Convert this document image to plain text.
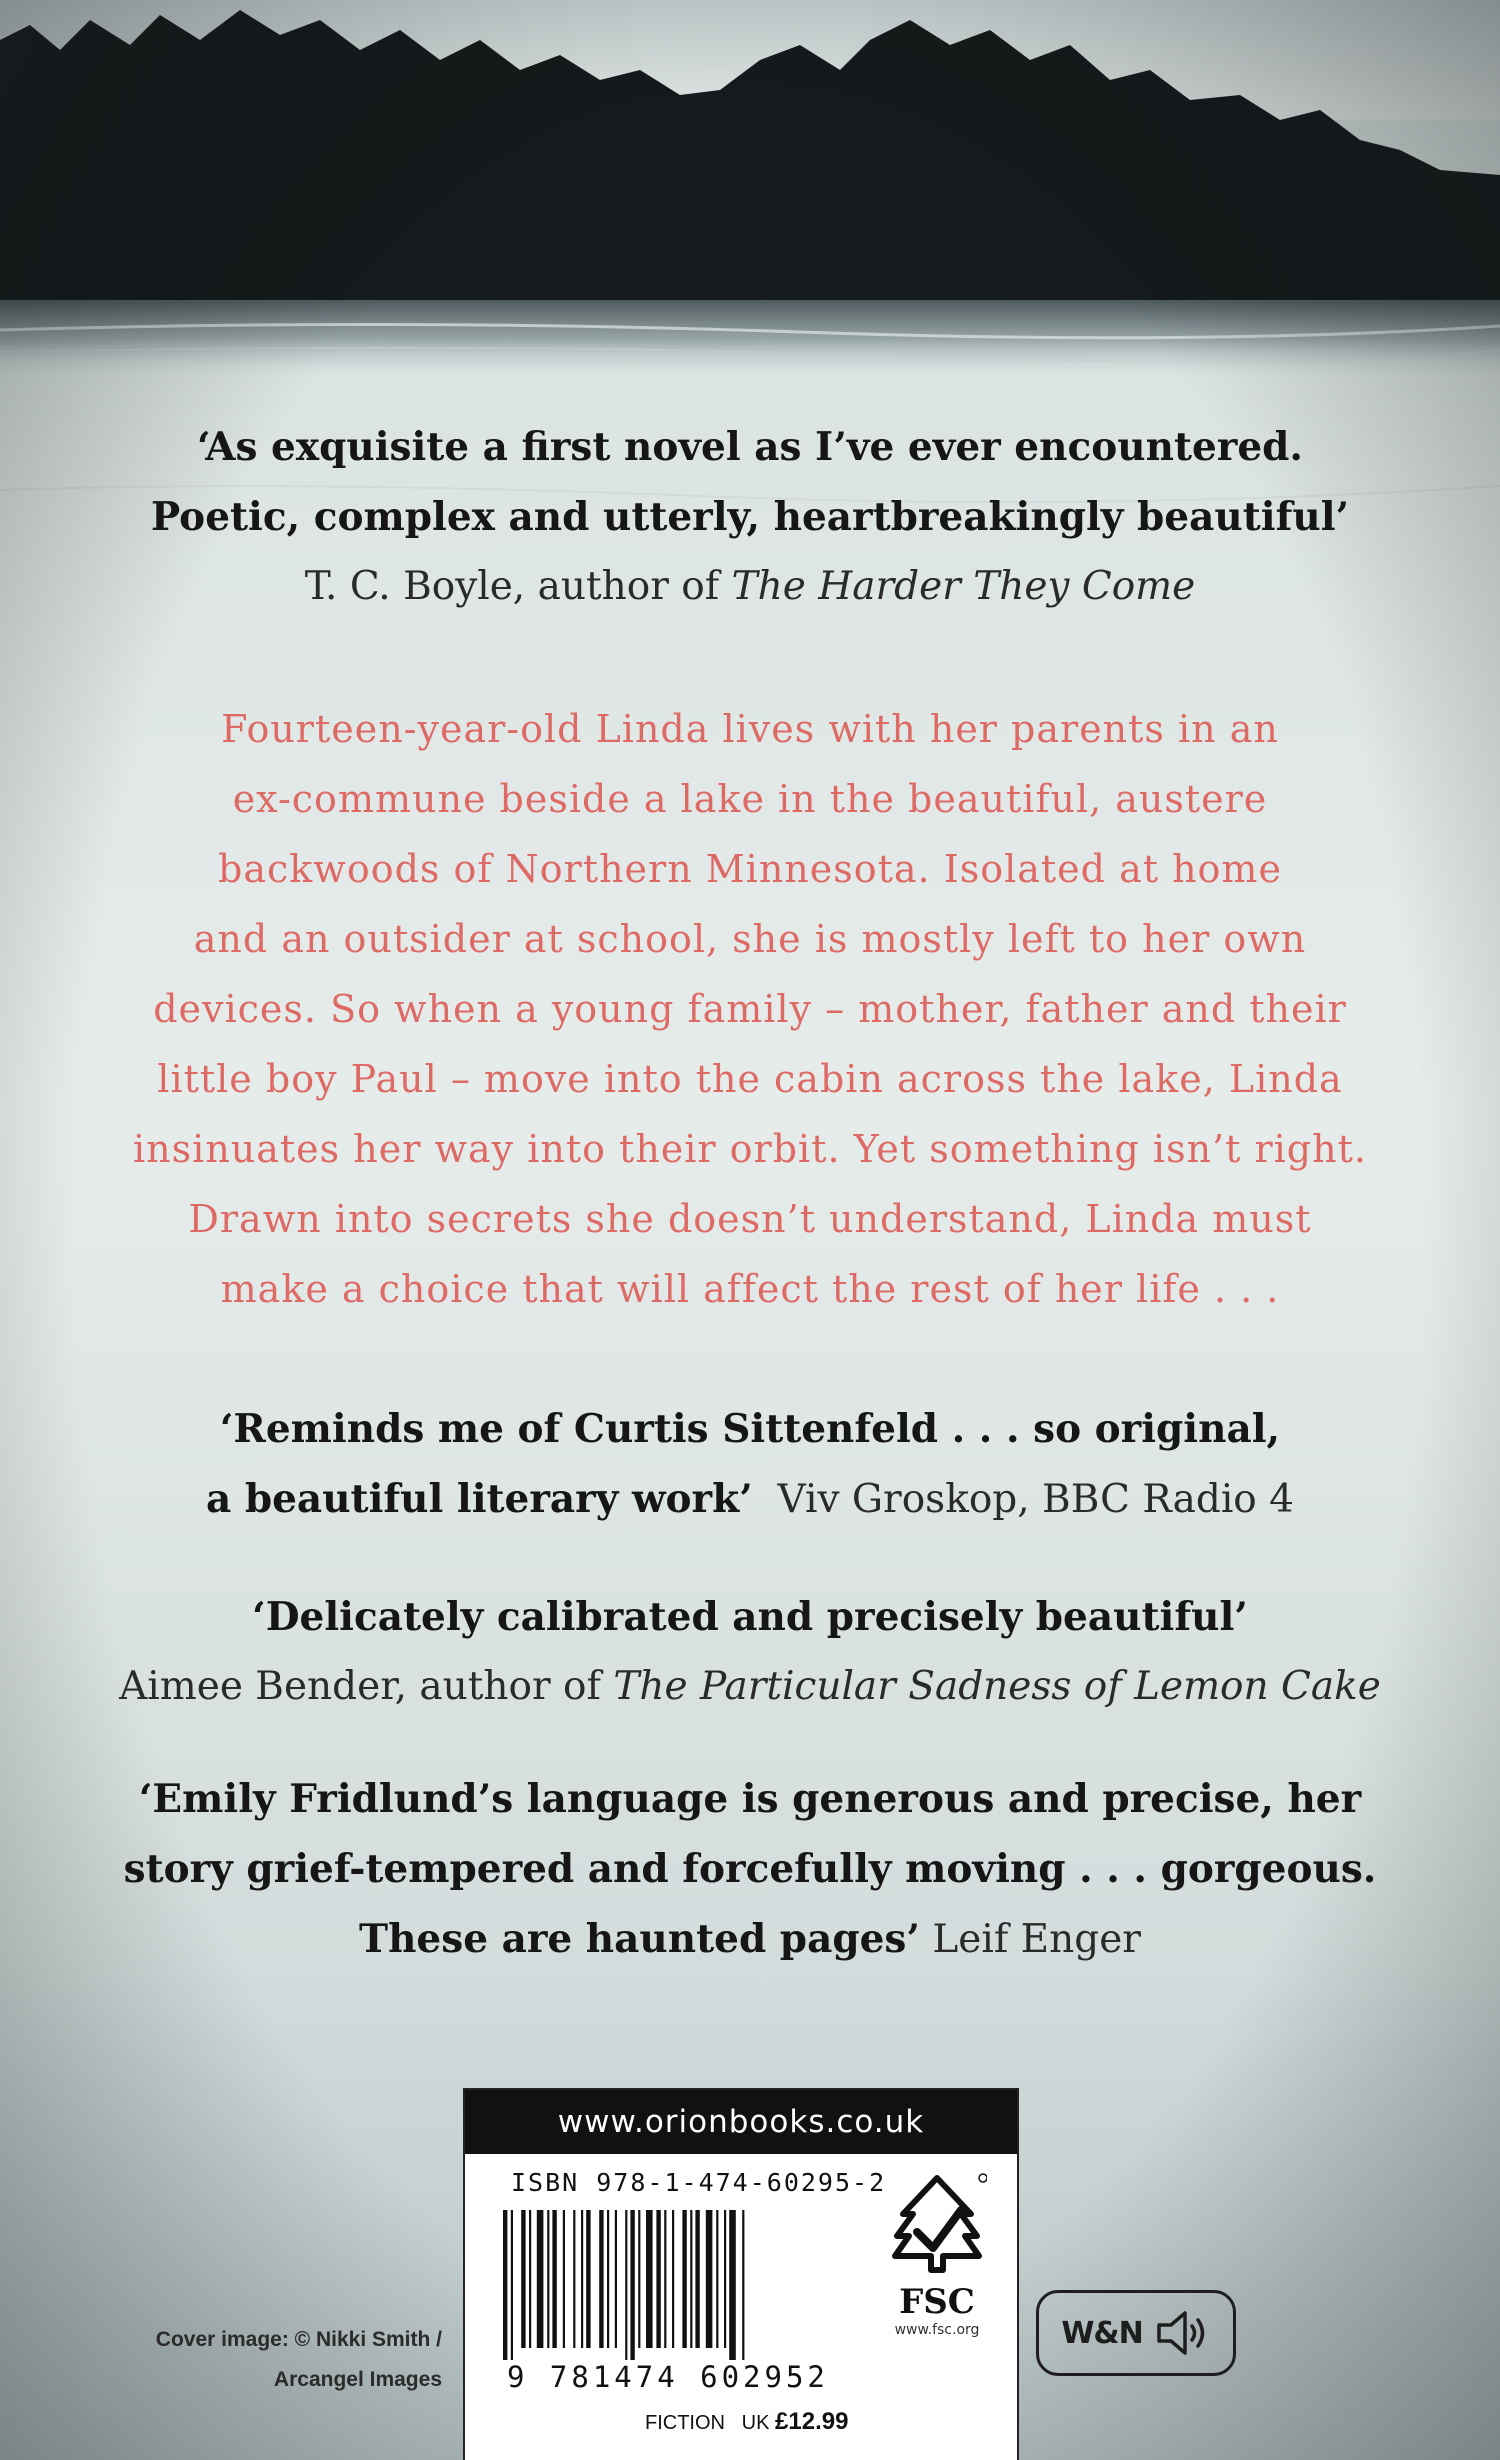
‘As exquisite a first novel as I’ve ever encountered.
Poetic, complex and utterly, heartbreakingly beautiful’
T. C. Boyle, author of The Harder They Come
Fourteen-year-old Linda lives with her parents in an
ex-commune beside a lake in the beautiful, austere
backwoods of Northern Minnesota. Isolated at home
and an outsider at school, she is mostly left to her own
devices. So when a young family – mother, father and their
little boy Paul – move into the cabin across the lake, Linda
insinuates her way into their orbit. Yet something isn’t right.
Drawn into secrets she doesn’t understand, Linda must
make a choice that will affect the rest of her life . . .
‘Reminds me of Curtis Sittenfeld . . . so original,
a beautiful literary work’ Viv Groskop, BBC Radio 4
‘Delicately calibrated and precisely beautiful’
Aimee Bender, author of The Particular Sadness of Lemon Cake
‘Emily Fridlund’s language is generous and precise, her
story grief-tempered and forcefully moving . . . gorgeous.
These are haunted pages’ Leif Enger
www.orionbooks.co.uk
ISBN 978-1-474-60295-2
9 781474 602952
FICTION UK £12.99
FSC
www.fsc.org
Cover image: © Nikki Smith /
Arcangel Images
W&N
